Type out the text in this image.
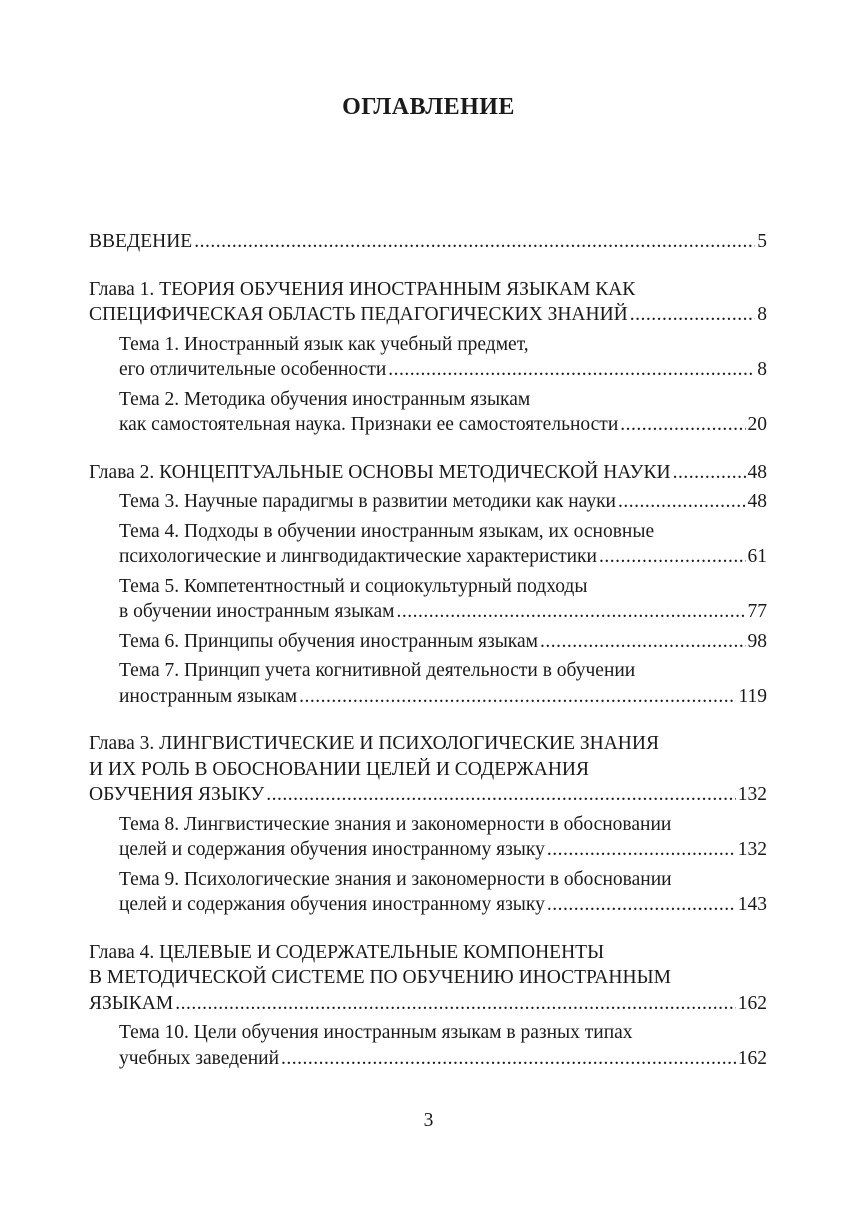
ОГЛАВЛЕНИЕ
ВВЕДЕНИЕ .....	5
Глава 1. ТЕОРИЯ ОБУЧЕНИЯ ИНОСТРАННЫМ ЯЗЫКАМ КАК
СПЕЦИФИЧЕСКАЯ ОБЛАСТЬ ПЕДАГОГИЧЕСКИХ ЗНАНИЙ .....	8
Тема 1. Иностранный язык как учебный предмет,
его отличительные особенности .....	8
Тема 2. Методика обучения иностранным языкам
как самостоятельная наука. Признаки ее самостоятельности .....	20
Глава 2. КОНЦЕПТУАЛЬНЫЕ ОСНОВЫ МЕТОДИЧЕСКОЙ НАУКИ .....	48
Тема 3. Научные парадигмы в развитии методики как науки .....	48
Тема 4. Подходы в обучении иностранным языкам, их основные
психологические и лингводидактические характеристики .....	61
Тема 5. Компетентностный и социокультурный подходы
в обучении иностранным языкам .....	77
Тема 6. Принципы обучения иностранным языкам .....	98
Тема 7. Принцип учета когнитивной деятельности в обучении
иностранным языкам .....	119
Глава 3. ЛИНГВИСТИЧЕСКИЕ И ПСИХОЛОГИЧЕСКИЕ ЗНАНИЯ
И ИХ РОЛЬ В ОБОСНОВАНИИ ЦЕЛЕЙ И СОДЕРЖАНИЯ
ОБУЧЕНИЯ ЯЗЫКУ .....	132
Тема 8. Лингвистические знания и закономерности в обосновании
целей и содержания обучения иностранному языку .....	132
Тема 9. Психологические знания и закономерности в обосновании
целей и содержания обучения иностранному языку .....	143
Глава 4. ЦЕЛЕВЫЕ И СОДЕРЖАТЕЛЬНЫЕ КОМПОНЕНТЫ
В МЕТОДИЧЕСКОЙ СИСТЕМЕ ПО ОБУЧЕНИЮ ИНОСТРАННЫМ
ЯЗЫКАМ .....	162
Тема 10. Цели обучения иностранным языкам в разных типах
учебных заведений .....	162
3
